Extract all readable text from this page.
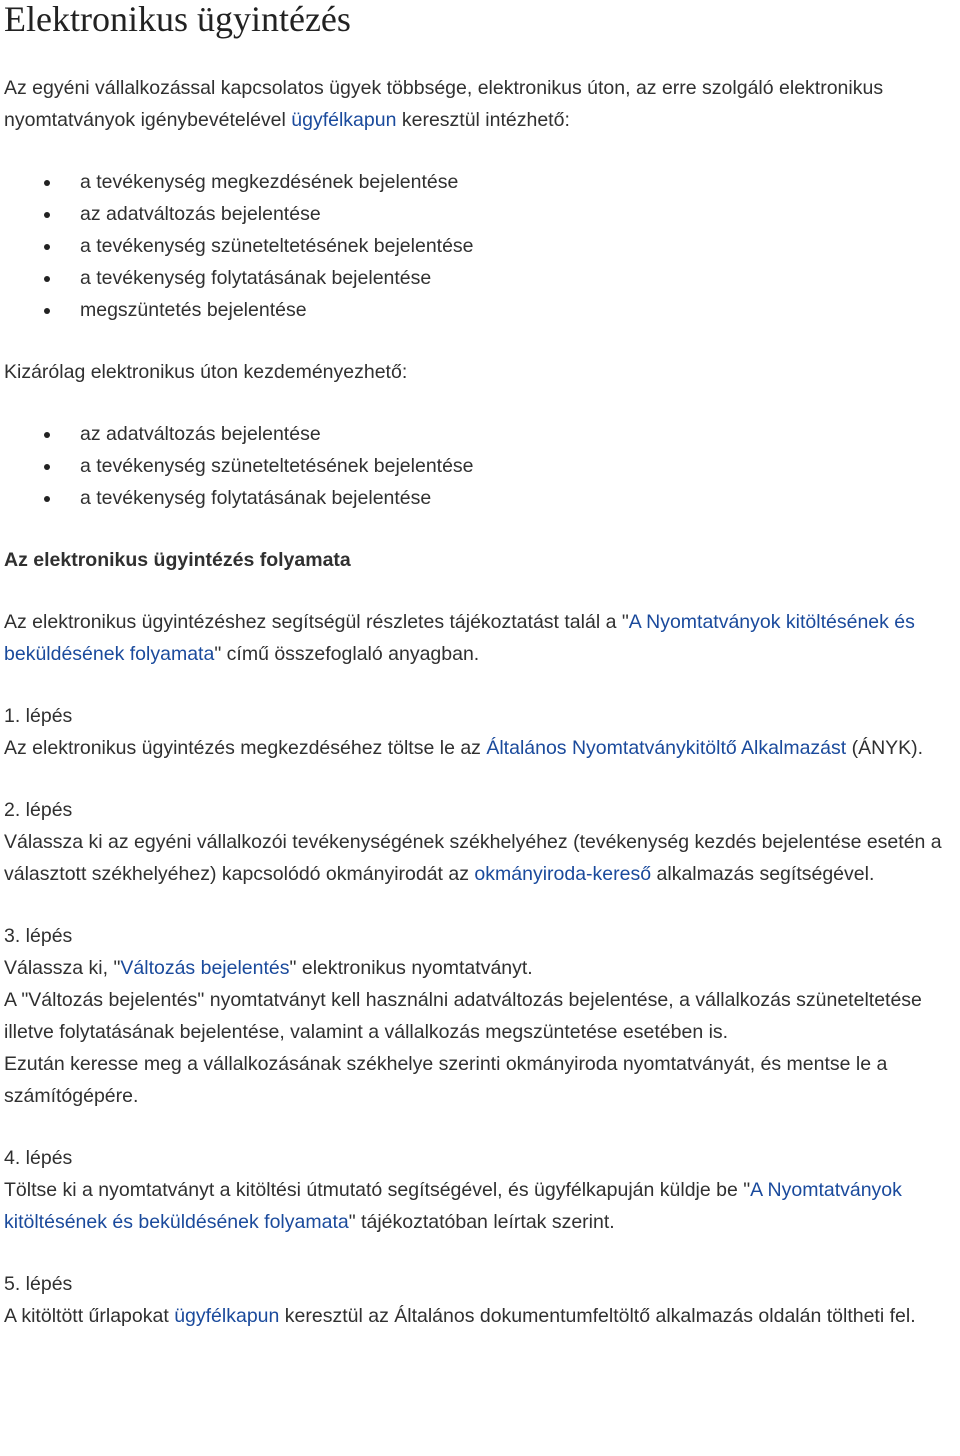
Elektronikus ügyintézés

Az egyéni vállalkozással kapcsolatos ügyek többsége, elektronikus úton, az erre szolgáló elektronikus nyomtatványok igénybevételével ügyfélkapun keresztül intézhető:

a tevékenység megkezdésének bejelentése
az adatváltozás bejelentése
a tevékenység szüneteltetésének bejelentése
a tevékenység folytatásának bejelentése
megszüntetés bejelentése

Kizárólag elektronikus úton kezdeményezhető:

az adatváltozás bejelentése
a tevékenység szüneteltetésének bejelentése
a tevékenység folytatásának bejelentése

Az elektronikus ügyintézés folyamata

Az elektronikus ügyintézéshez segítségül részletes tájékoztatást talál a "A Nyomtatványok kitöltésének és beküldésének folyamata" című összefoglaló anyagban.

1. lépés

Az elektronikus ügyintézés megkezdéséhez töltse le az Általános Nyomtatványkitöltő Alkalmazást (ÁNYK).

2. lépés

Válassza ki az egyéni vállalkozói tevékenységének székhelyéhez (tevékenység kezdés bejelentése esetén a választott székhelyéhez) kapcsolódó okmányirodát az okmányiroda-kereső alkalmazás segítségével.

3. lépés

Válassza ki, "Változás bejelentés" elektronikus nyomtatványt.

A "Változás bejelentés" nyomtatványt kell használni adatváltozás bejelentése, a vállalkozás szüneteltetése illetve folytatásának bejelentése, valamint a vállalkozás megszüntetése esetében is.

Ezután keresse meg a vállalkozásának székhelye szerinti okmányiroda nyomtatványát, és mentse le a számítógépére.

4. lépés

Töltse ki a nyomtatványt a kitöltési útmutató segítségével, és ügyfélkapuján küldje be "A Nyomtatványok kitöltésének és beküldésének folyamata" tájékoztatóban leírtak szerint.

5. lépés

A kitöltött űrlapokat ügyfélkapun keresztül az Általános dokumentumfeltöltő alkalmazás oldalán töltheti fel.
